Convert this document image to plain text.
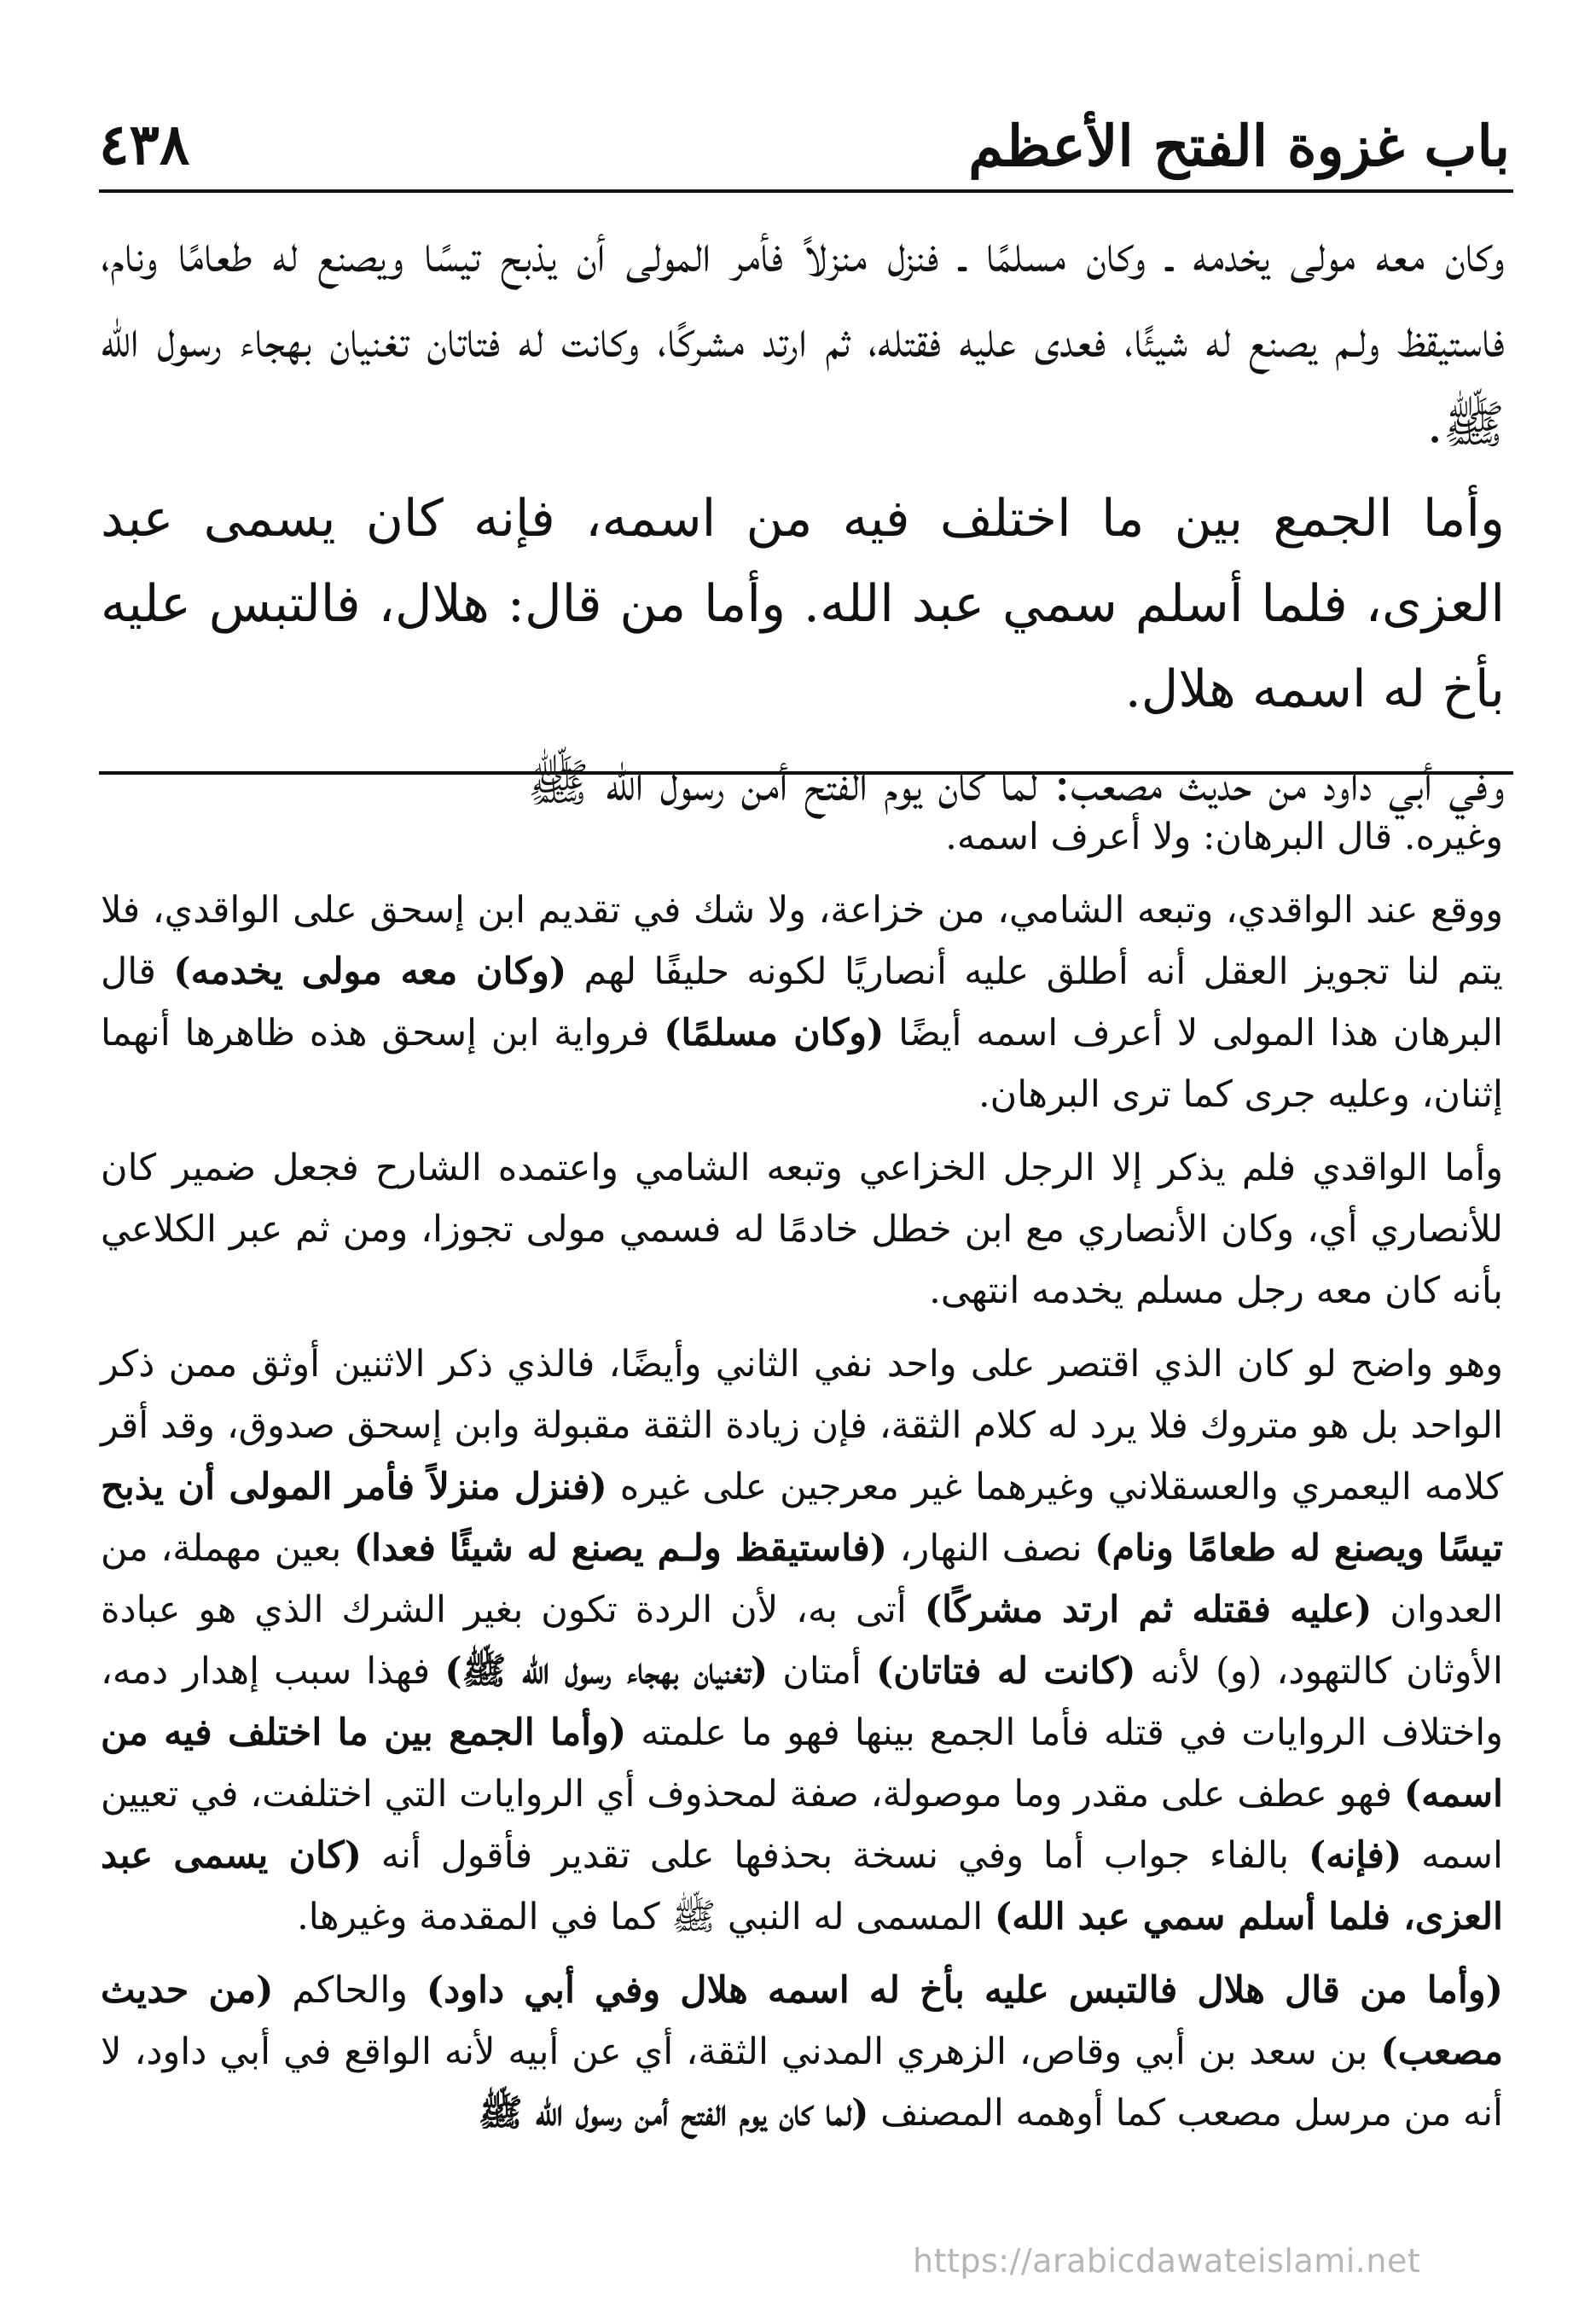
باب غزوة الفتح الأعظم
٤٣٨

وكان معه مولى يخدمه ـ وكان مسلمًا ـ فنزل منزلاً فأمر المولى أن يذبح تيسًا ويصنع له طعامًا ونام، فاستيقظ ولـم يصنع له شيئًا، فعدى عليه فقتله، ثم ارتد مشركًا، وكانت له فتاتان تغنيان بهجاء رسول الله ﷺ.

وأما الجمع بين ما اختلف فيه من اسمه، فإنه كان يسمى عبد العزى، فلما أسلم سمي عبد الله. وأما من قال: هلال، فالتبس عليه بأخ له اسمه هلال.

وفي أبي داود من حديث مصعب: لما كان يوم الفتح أمن رسول الله ﷺ

وغيره. قال البرهان: ولا أعرف اسمه.

ووقع عند الواقدي، وتبعه الشامي، من خزاعة، ولا شك في تقديم ابن إسحق على الواقدي، فلا يتم لنا تجويز العقل أنه أطلق عليه أنصاريًا لكونه حليفًا لهم (وكان معه مولى يخدمه) قال البرهان هذا المولى لا أعرف اسمه أيضًا (وكان مسلمًا) فرواية ابن إسحق هذه ظاهرها أنهما إثنان، وعليه جرى كما ترى البرهان.

وأما الواقدي فلم يذكر إلا الرجل الخزاعي وتبعه الشامي واعتمده الشارح فجعل ضمير كان للأنصاري أي، وكان الأنصاري مع ابن خطل خادمًا له فسمي مولى تجوزا، ومن ثم عبر الكلاعي بأنه كان معه رجل مسلم يخدمه انتهى.

وهو واضح لو كان الذي اقتصر على واحد نفي الثاني وأيضًا، فالذي ذكر الاثنين أوثق ممن ذكر الواحد بل هو متروك فلا يرد له كلام الثقة، فإن زيادة الثقة مقبولة وابن إسحق صدوق، وقد أقر كلامه اليعمري والعسقلاني وغيرهما غير معرجين على غيره (فنزل منزلاً فأمر المولى أن يذبح تيسًا ويصنع له طعامًا ونام) نصف النهار، (فاستيقظ ولـم يصنع له شيئًا فعدا) بعين مهملة، من العدوان (عليه فقتله ثم ارتد مشركًا) أتى به، لأن الردة تكون بغير الشرك الذي هو عبادة الأوثان كالتهود، (و) لأنه (كانت له فتاتان) أمتان (تغنيان بهجاء رسول الله ﷺ) فهذا سبب إهدار دمه، واختلاف الروايات في قتله فأما الجمع بينها فهو ما علمته (وأما الجمع بين ما اختلف فيه من اسمه) فهو عطف على مقدر وما موصولة، صفة لمحذوف أي الروايات التي اختلفت، في تعيين اسمه (فإنه) بالفاء جواب أما وفي نسخة بحذفها على تقدير فأقول أنه (كان يسمى عبد العزى، فلما أسلم سمي عبد الله) المسمى له النبي ﷺ كما في المقدمة وغيرها.

(وأما من قال هلال فالتبس عليه بأخ له اسمه هلال وفي أبي داود) والحاكم (من حديث مصعب) بن سعد بن أبي وقاص، الزهري المدني الثقة، أي عن أبيه لأنه الواقع في أبي داود، لا أنه من مرسل مصعب كما أوهمه المصنف (لما كان يوم الفتح أمن رسول الله ﷺ

https://arabicdawateislami.net
